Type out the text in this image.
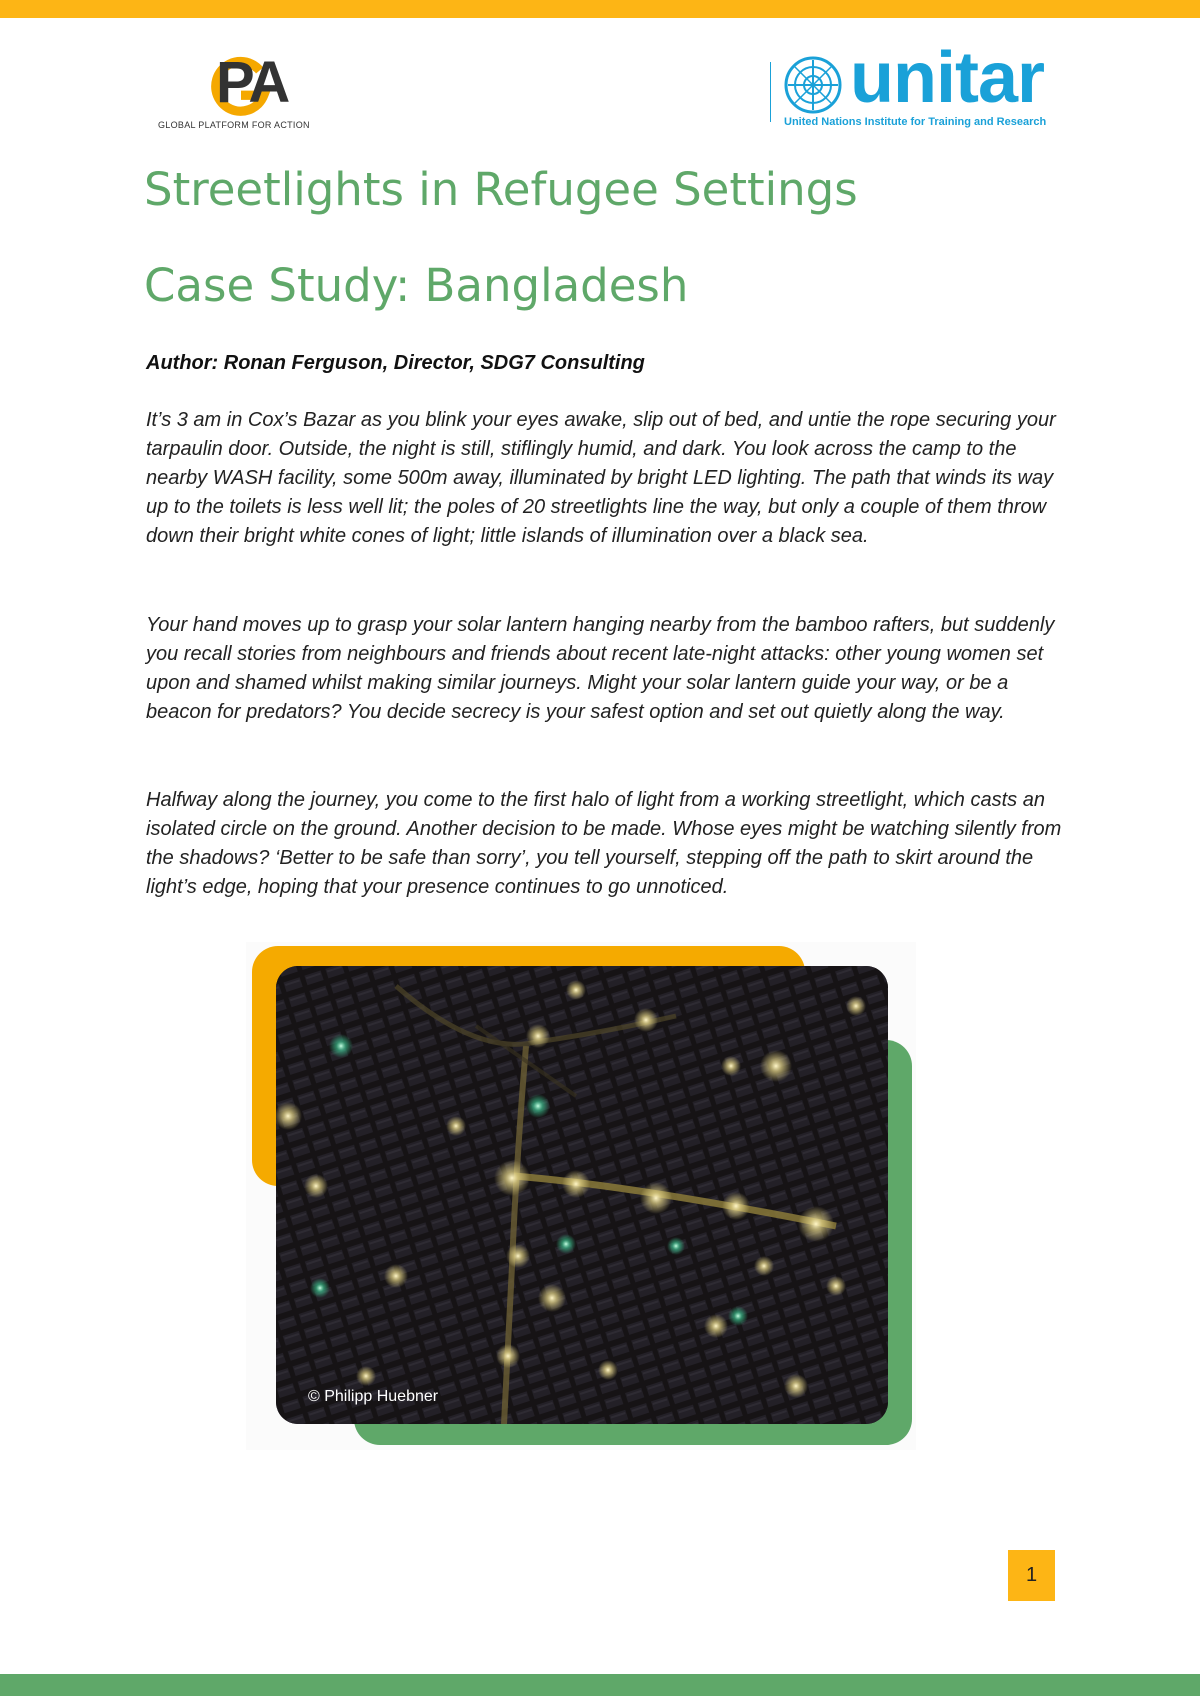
PA
GLOBAL PLATFORM FOR ACTION
unitar
United Nations Institute for Training and Research
Streetlights in Refugee Settings
Case Study: Bangladesh
Author: Ronan Ferguson, Director, SDG7 Consulting

It’s 3 am in Cox’s Bazar as you blink your eyes awake, slip out of bed, and untie the rope securing your tarpaulin door. Outside, the night is still, stiflingly humid, and dark. You look across the camp to the nearby WASH facility, some 500m away, illuminated by bright LED lighting. The path that winds its way up to the toilets is less well lit; the poles of 20 streetlights line the way, but only a couple of them throw down their bright white cones of light; little islands of illumination over a black sea.

Your hand moves up to grasp your solar lantern hanging nearby from the bamboo rafters, but suddenly you recall stories from neighbours and friends about recent late-night attacks: other young women set upon and shamed whilst making similar journeys. Might your solar lantern guide your way, or be a beacon for predators? You decide secrecy is your safest option and set out quietly along the way.

Halfway along the journey, you come to the first halo of light from a working streetlight, which casts an isolated circle on the ground. Another decision to be made. Whose eyes might be watching silently from the shadows? ‘Better to be safe than sorry’, you tell yourself, stepping off the path to skirt around the light’s edge, hoping that your presence continues to go unnoticed.

© Philipp Huebner
1
